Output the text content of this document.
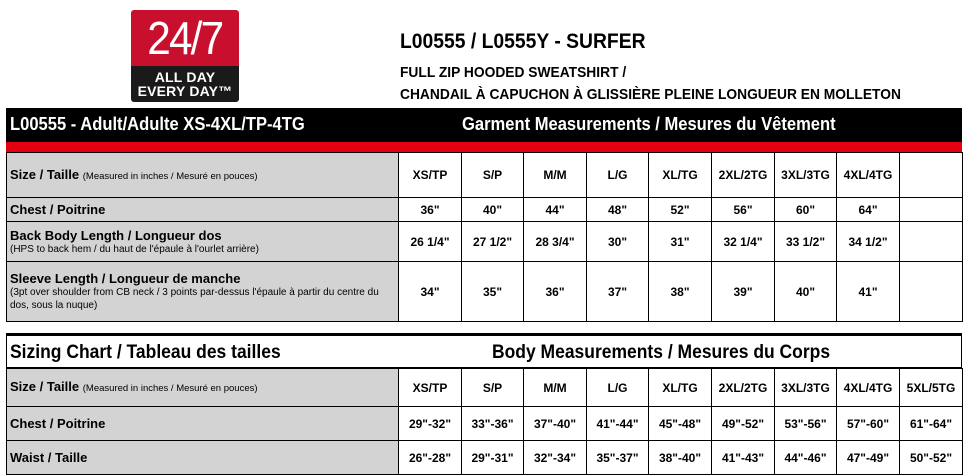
24/7
ALL DAY
EVERY DAY™
L00555 / L0555Y - SURFER
FULL ZIP HOODED SWEATSHIRT /
CHANDAIL À CAPUCHON À GLISSIÈRE PLEINE LONGUEUR EN MOLLETON
L00555 - Adult/Adulte XS-4XL/TP-4TG	Garment Measurements / Mesures du Vêtement
Size / Taille (Measured in inches / Mesuré en pouces)	XS/TP	S/P	M/M	L/G	XL/TG	2XL/2TG	3XL/3TG	4XL/4TG	

Chest / Poitrine	36"	40"	44"	48"	52"	56"	60"	64"	

Back Body Length / Longueur dos
(HPS to back hem / du haut de l'épaule à l'ourlet arrière)	26 1/4"	27 1/2"	28 3/4"	30"	31"	32 1/4"	33 1/2"	34 1/2"	

Sleeve Length / Longueur de manche
(3pt over shoulder from CB neck / 3 points par-dessus l'épaule à partir du centre du dos, sous la nuque)	34"	35"	36"	37"	38"	39"	40"	41"	
Sizing Chart / Tableau des tailles	Body Measurements / Mesures du Corps
Size / Taille (Measured in inches / Mesuré en pouces)	XS/TP	S/P	M/M	L/G	XL/TG	2XL/2TG	3XL/3TG	4XL/4TG	5XL/5TG

Chest / Poitrine	29"-32"	33"-36"	37"-40"	41"-44"	45"-48"	49"-52"	53"-56"	57"-60"	61"-64"

Waist / Taille	26"-28"	29"-31"	32"-34"	35"-37"	38"-40"	41"-43"	44"-46"	47"-49"	50"-52"
